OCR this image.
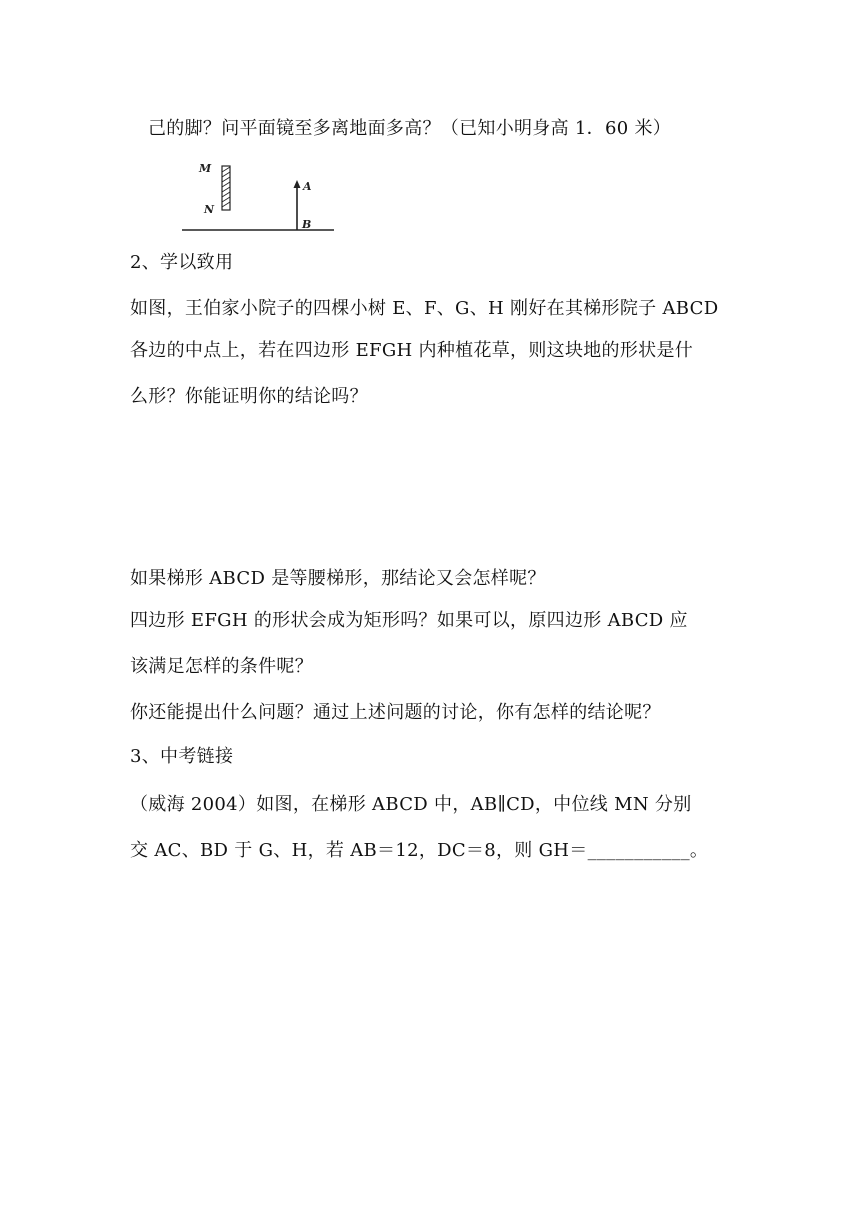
己的脚？问平面镜至多离地面多高？（已知小明身高 1．60 米）
M
N
A
B
2、学以致用
如图，王伯家小院子的四棵小树 E、F、G、H 刚好在其梯形院子 ABCD
各边的中点上，若在四边形 EFGH 内种植花草，则这块地的形状是什
么形？你能证明你的结论吗？
如果梯形 ABCD 是等腰梯形，那结论又会怎样呢？
四边形 EFGH 的形状会成为矩形吗？如果可以，原四边形 ABCD 应
该满足怎样的条件呢？
你还能提出什么问题？通过上述问题的讨论，你有怎样的结论呢？
3、中考链接
（威海 2004）如图，在梯形 ABCD 中，AB∥CD，中位线 MN 分别
交 AC、BD 于 G、H，若 AB＝12，DC＝8，则 GH＝___________。
